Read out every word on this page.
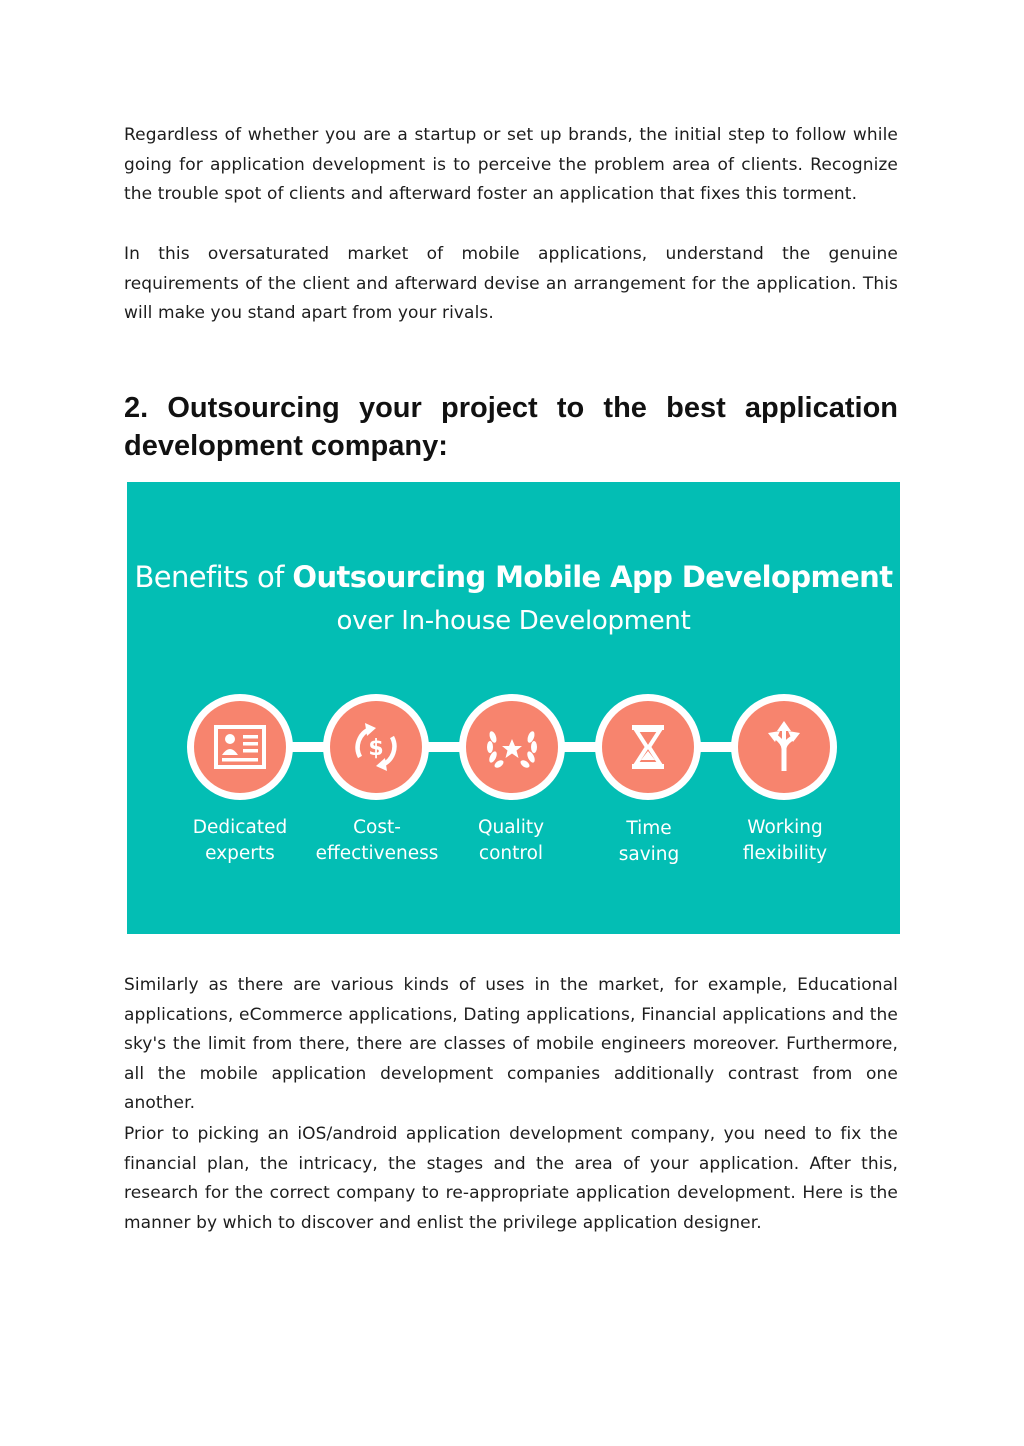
Regardless of whether you are a startup or set up brands, the initial step to follow while going for application development is to perceive the problem area of clients. Recognize the trouble spot of clients and afterward foster an application that fixes this torment.

In this oversaturated market of mobile applications, understand the genuine requirements of the client and afterward devise an arrangement for the application. This will make you stand apart from your rivals.

2. Outsourcing your project to the best application development company:

Similarly as there are various kinds of uses in the market, for example, Educational applications, eCommerce applications, Dating applications, Financial applications and the sky's the limit from there, there are classes of mobile engineers moreover. Furthermore, all the mobile application development companies additionally contrast from one another.

Prior to picking an iOS/android application development company, you need to fix the financial plan, the intricacy, the stages and the area of your application. After this, research for the correct company to re-appropriate application development. Here is the manner by which to discover and enlist the privilege application designer.

Benefits of Outsourcing Mobile App Development
over In-house Development
$
Dedicated
experts
Cost-
effectiveness
Quality
control
Time
saving
Working
flexibility
